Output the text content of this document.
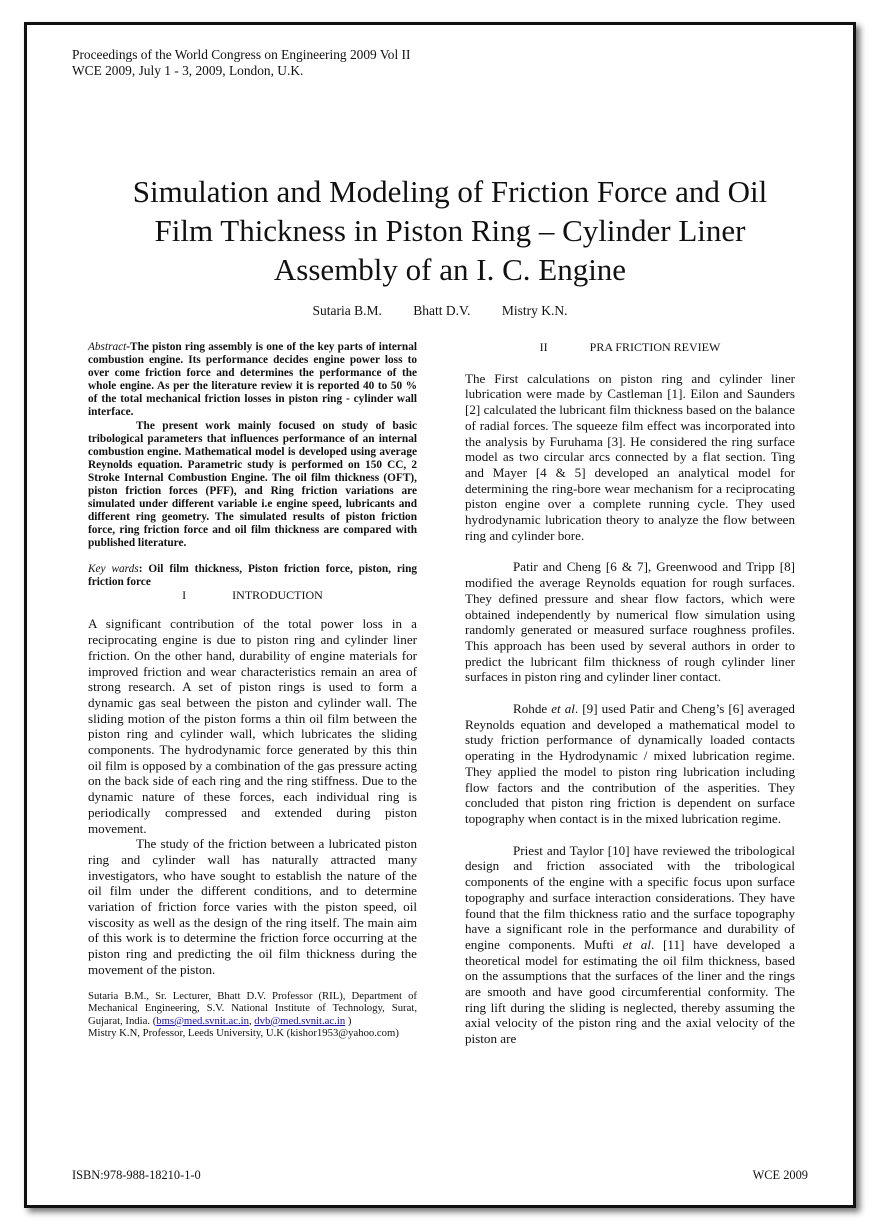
Proceedings of the World Congress on Engineering 2009 Vol II
WCE 2009, July 1 - 3, 2009, London, U.K.
Simulation and Modeling of Friction Force and Oil
Film Thickness in Piston Ring – Cylinder Liner
Assembly of an I. C. Engine
Sutaria B.M. Bhatt D.V. Mistry K.N.

Abstract-The piston ring assembly is one of the key parts of internal combustion engine. Its performance decides engine power loss to over come friction force and determines the performance of the whole engine. As per the literature review it is reported 40 to 50 % of the total mechanical friction losses in piston ring - cylinder wall interface.

The present work mainly focused on study of basic tribological parameters that influences performance of an internal combustion engine. Mathematical model is developed using average Reynolds equation. Parametric study is performed on 150 CC, 2 Stroke Internal Combustion Engine. The oil film thickness (OFT), piston friction forces (PFF), and Ring friction variations are simulated under different variable i.e engine speed, lubricants and different ring geometry. The simulated results of piston friction force, ring friction force and oil film thickness are compared with published literature.

Key wards: Oil film thickness, Piston friction force, piston, ring friction force

I	INTRODUCTION

A significant contribution of the total power loss in a reciprocating engine is due to piston ring and cylinder liner friction. On the other hand, durability of engine materials for improved friction and wear characteristics remain an area of strong research. A set of piston rings is used to form a dynamic gas seal between the piston and cylinder wall. The sliding motion of the piston forms a thin oil film between the piston ring and cylinder wall, which lubricates the sliding components. The hydrodynamic force generated by this thin oil film is opposed by a combination of the gas pressure acting on the back side of each ring and the ring stiffness. Due to the dynamic nature of these forces, each individual ring is periodically compressed and extended during piston movement.

The study of the friction between a lubricated piston ring and cylinder wall has naturally attracted many investigators, who have sought to establish the nature of the oil film under the different conditions, and to determine variation of friction force varies with the piston speed, oil viscosity as well as the design of the ring itself. The main aim of this work is to determine the friction force occurring at the piston ring and predicting the oil film thickness during the movement of the piston.

Sutaria B.M., Sr. Lecturer, Bhatt D.V. Professor (RIL), Department of Mechanical Engineering, S.V. National Institute of Technology, Surat, Gujarat, India. (bms@med.svnit.ac.in, dvb@med.svnit.ac.in )

Mistry K.N, Professor, Leeds University, U.K (kishor1953@yahoo.com)

II	PRA FRICTION REVIEW

The First calculations on piston ring and cylinder liner lubrication were made by Castleman [1]. Eilon and Saunders [2] calculated the lubricant film thickness based on the balance of radial forces. The squeeze film effect was incorporated into the analysis by Furuhama [3]. He considered the ring surface model as two circular arcs connected by a flat section. Ting and Mayer [4 & 5] developed an analytical model for determining the ring-bore wear mechanism for a reciprocating piston engine over a complete running cycle. They used hydrodynamic lubrication theory to analyze the flow between ring and cylinder bore.

Patir and Cheng [6 & 7], Greenwood and Tripp [8] modified the average Reynolds equation for rough surfaces. They defined pressure and shear flow factors, which were obtained independently by numerical flow simulation using randomly generated or measured surface roughness profiles. This approach has been used by several authors in order to predict the lubricant film thickness of rough cylinder liner surfaces in piston ring and cylinder liner contact.

Rohde et al. [9] used Patir and Cheng’s [6] averaged Reynolds equation and developed a mathematical model to study friction performance of dynamically loaded contacts operating in the Hydrodynamic / mixed lubrication regime. They applied the model to piston ring lubrication including flow factors and the contribution of the asperities. They concluded that piston ring friction is dependent on surface topography when contact is in the mixed lubrication regime.

Priest and Taylor [10] have reviewed the tribological design and friction associated with the tribological components of the engine with a specific focus upon surface topography and surface interaction considerations. They have found that the film thickness ratio and the surface topography have a significant role in the performance and durability of engine components. Mufti et al. [11] have developed a theoretical model for estimating the oil film thickness, based on the assumptions that the surfaces of the liner and the rings are smooth and have good circumferential conformity. The ring lift during the sliding is neglected, thereby assuming the axial velocity of the piston ring and the axial velocity of the piston are

ISBN:978-988-18210-1-0	WCE 2009
